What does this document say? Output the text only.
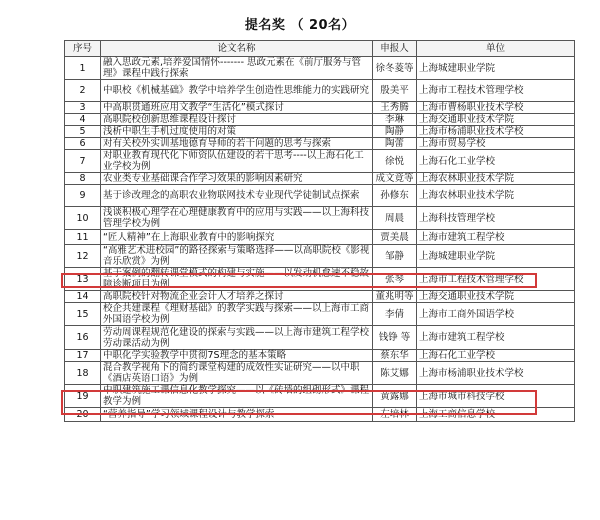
提名奖 （ 20名）
序号	论文名称	申报人	单位
1	融入思政元素,培养爱国情怀------- 思政元素在《前厅服务与管理》课程中践行探索	徐冬菱等	上海城建职业学院
2	中职校《机械基础》教学中培养学生创造性思维能力的实践研究	殷美平	上海市工程技术管理学校
3	中高职贯通班应用文教学“生活化”模式探讨	王秀腾	上海市曹杨职业技术学校
4	高职院校创新思维课程设计探讨	李琳	上海交通职业技术学院
5	浅析中职生手机过度使用的对策	陶静	上海市杨浦职业技术学校
6	对有关校外实训基地德育导师的若干问题的思考与探索	陶蕾	上海市贸易学校
7	对职业教育现代化下师资队伍建设的若干思考----以上海石化工业学校为例	徐悦	上海石化工业学校
8	农业类专业基础课合作学习效果的影响因素研究	成文竟等	上海农林职业技术学院
9	基于诊改理念的高职农业物联网技术专业现代学徒制试点探索	孙修东	上海农林职业技术学院
10	浅谈积极心理学在心理健康教育中的应用与实践——以上海科技管理学校为例	周晨	上海科技管理学校
11	“匠人精神”在上海职业教育中的影响探究	贾美晨	上海市建筑工程学校
12	“高雅艺术进校园”的路径探索与策略选择——以高职院校《影视音乐欣赏》为例	邹静	上海城建职业学院
13	基于案例的翻转课堂模式的构建与实施——以发动机怠速不稳故障诊断项目为例	张琴	上海市工程技术管理学校
14	高职院校针对物流企业会计人才培养之探讨	董兆明等	上海交通职业技术学院
15	校企共建课程《理财基础》的教学实践与探索——以上海市工商外国语学校为例	李倩	上海市工商外国语学校
16	劳动周课程规范化建设的探索与实践——以上海市建筑工程学校劳动课活动为例	钱铮 等	上海市建筑工程学校
17	中职化学实验教学中贯彻7S理念的基本策略	蔡东华	上海石化工业学校
18	混合教学视角下的简约课堂构建的成效性实证研究——以中职《酒店英语口语》为例	陈艾娜	上海市杨浦职业技术学校
19	中职建筑施工课信息化教学探究——以《砖墙的组砌形式》课程教学为例	黄露娜	上海市城市科技学校
20	“营养指导”学习领域课程设计与教学探索	左培林	上海工商信息学校
